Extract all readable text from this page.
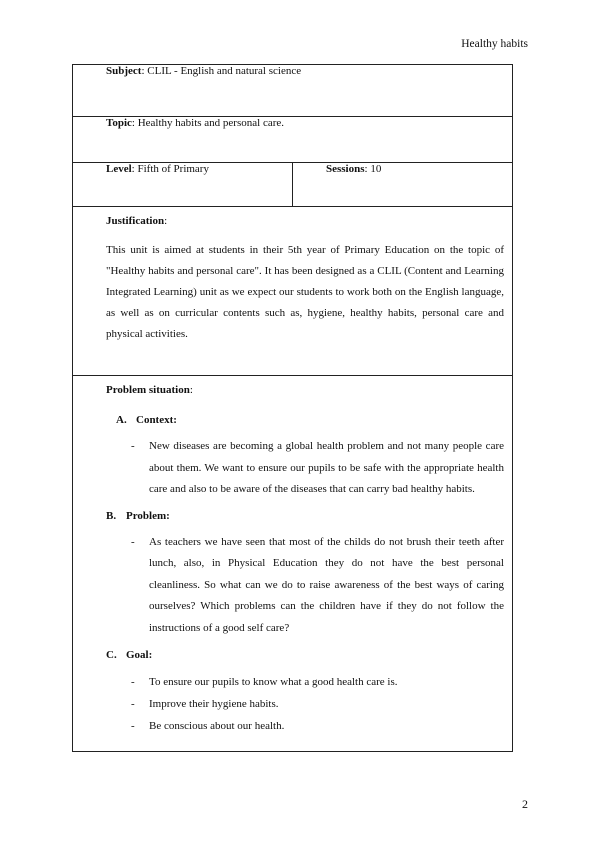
Healthy habits
Subject: CLIL - English and natural science
Topic: Healthy habits and personal care.
Level: Fifth of Primary	Sessions: 10

Justification:

This unit is aimed at students in their 5th year of Primary Education on the topic of "Healthy habits and personal care". It has been designed as a CLIL (Content and Learning Integrated Learning) unit as we expect our students to work both on the English language, as well as on curricular contents such as, hygiene, healthy habits, personal care and physical activities.

Problem situation:
A. Context:
- New diseases are becoming a global health problem and not many people care about them. We want to ensure our pupils to be safe with the appropriate health care and also to be aware of the diseases that can carry bad healthy habits.
B. Problem:
- As teachers we have seen that most of the childs do not brush their teeth after lunch, also, in Physical Education they do not have the best personal cleanliness. So what can we do to raise awareness of the best ways of caring ourselves? Which problems can the children have if they do not follow the instructions of a good self care?
C. Goal:
- To ensure our pupils to know what a good health care is.
- Improve their hygiene habits.
- Be conscious about our health.
2
